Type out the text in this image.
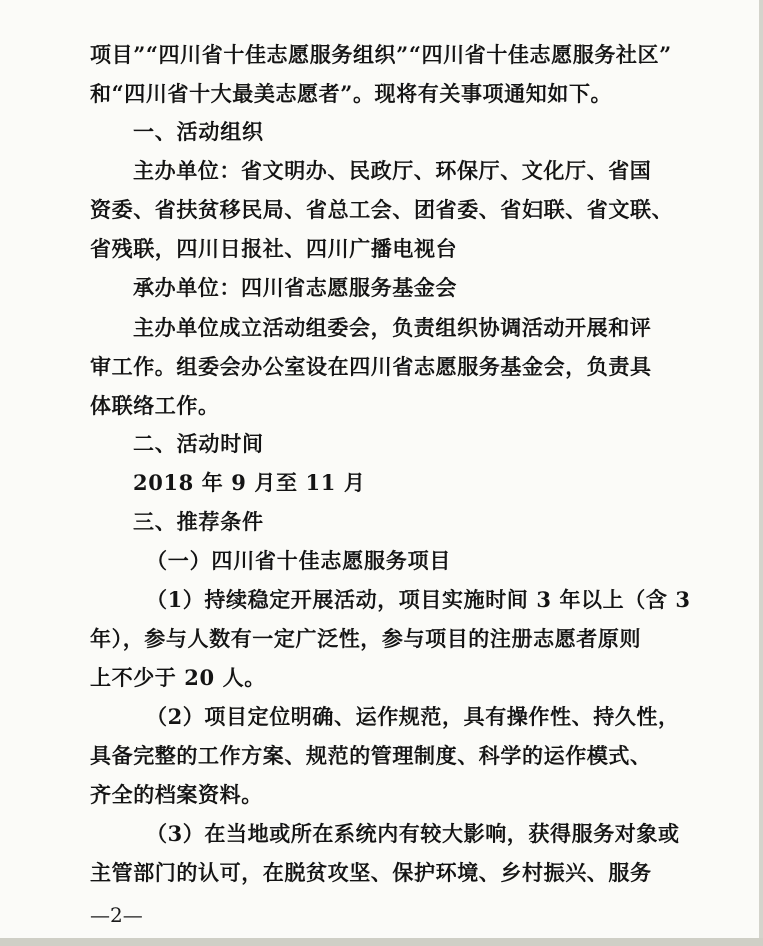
项目”“四川省十佳志愿服务组织”“四川省十佳志愿服务社区”
和“四川省十大最美志愿者”。现将有关事项通知如下。
一、活动组织
主办单位：省文明办、民政厅、环保厅、文化厅、省国
资委、省扶贫移民局、省总工会、团省委、省妇联、省文联、
省残联，四川日报社、四川广播电视台
承办单位：四川省志愿服务基金会
主办单位成立活动组委会，负责组织协调活动开展和评
审工作。组委会办公室设在四川省志愿服务基金会，负责具
体联络工作。
二、活动时间
2018 年 9 月至 11 月
三、推荐条件
（一）四川省十佳志愿服务项目
（1）持续稳定开展活动，项目实施时间 3 年以上（含 3
年），参与人数有一定广泛性，参与项目的注册志愿者原则
上不少于 20 人。
（2）项目定位明确、运作规范，具有操作性、持久性，
具备完整的工作方案、规范的管理制度、科学的运作模式、
齐全的档案资料。
（3）在当地或所在系统内有较大影响，获得服务对象或
主管部门的认可，在脱贫攻坚、保护环境、乡村振兴、服务
—2—
